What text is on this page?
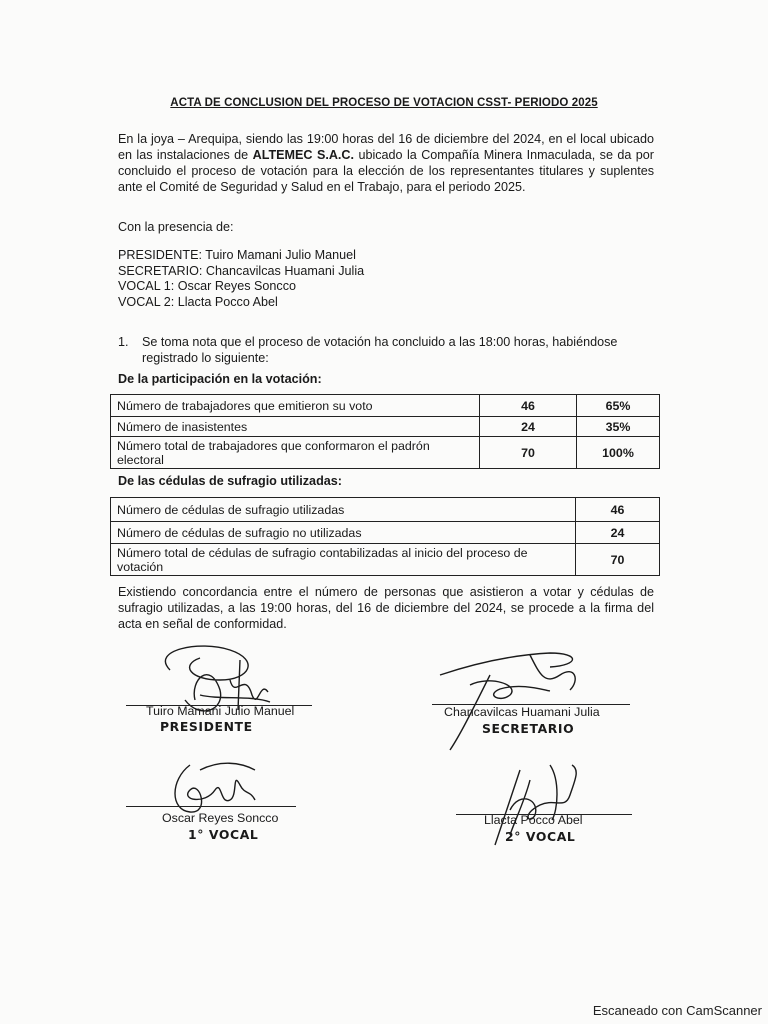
ACTA DE CONCLUSION DEL PROCESO DE VOTACION CSST- PERIODO 2025
En la joya – Arequipa, siendo las 19:00 horas del 16 de diciembre del 2024, en el local ubicado en las instalaciones de ALTEMEC S.A.C. ubicado la Compañía Minera Inmaculada, se da por concluido el proceso de votación para la elección de los representantes titulares y suplentes ante el Comité de Seguridad y Salud en el Trabajo, para el periodo 2025.
Con la presencia de:
PRESIDENTE: Tuiro Mamani Julio Manuel
SECRETARIO: Chancavilcas Huamani Julia
VOCAL 1: Oscar Reyes Soncco
VOCAL 2: Llacta Pocco Abel
1. Se toma nota que el proceso de votación ha concluido a las 18:00 horas, habiéndose registrado lo siguiente:
De la participación en la votación:
Número de trabajadores que emitieron su voto	46	65%
Número de inasistentes	24	35%
Número total de trabajadores que conformaron el padrón electoral	70	100%
De las cédulas de sufragio utilizadas:
Número de cédulas de sufragio utilizadas	46
Número de cédulas de sufragio no utilizadas	24
Número total de cédulas de sufragio contabilizadas al inicio del proceso de votación	70
Existiendo concordancia entre el número de personas que asistieron a votar y cédulas de sufragio utilizadas, a las 19:00 horas, del 16 de diciembre del 2024, se procede a la firma del acta en señal de conformidad.
Tuiro Mamani Julio Manuel
PRESIDENTE
Chancavilcas Huamani Julia
SECRETARIO
Oscar Reyes Soncco
1° VOCAL
Llacta Pocco Abel
2° VOCAL
Escaneado con CamScanner
